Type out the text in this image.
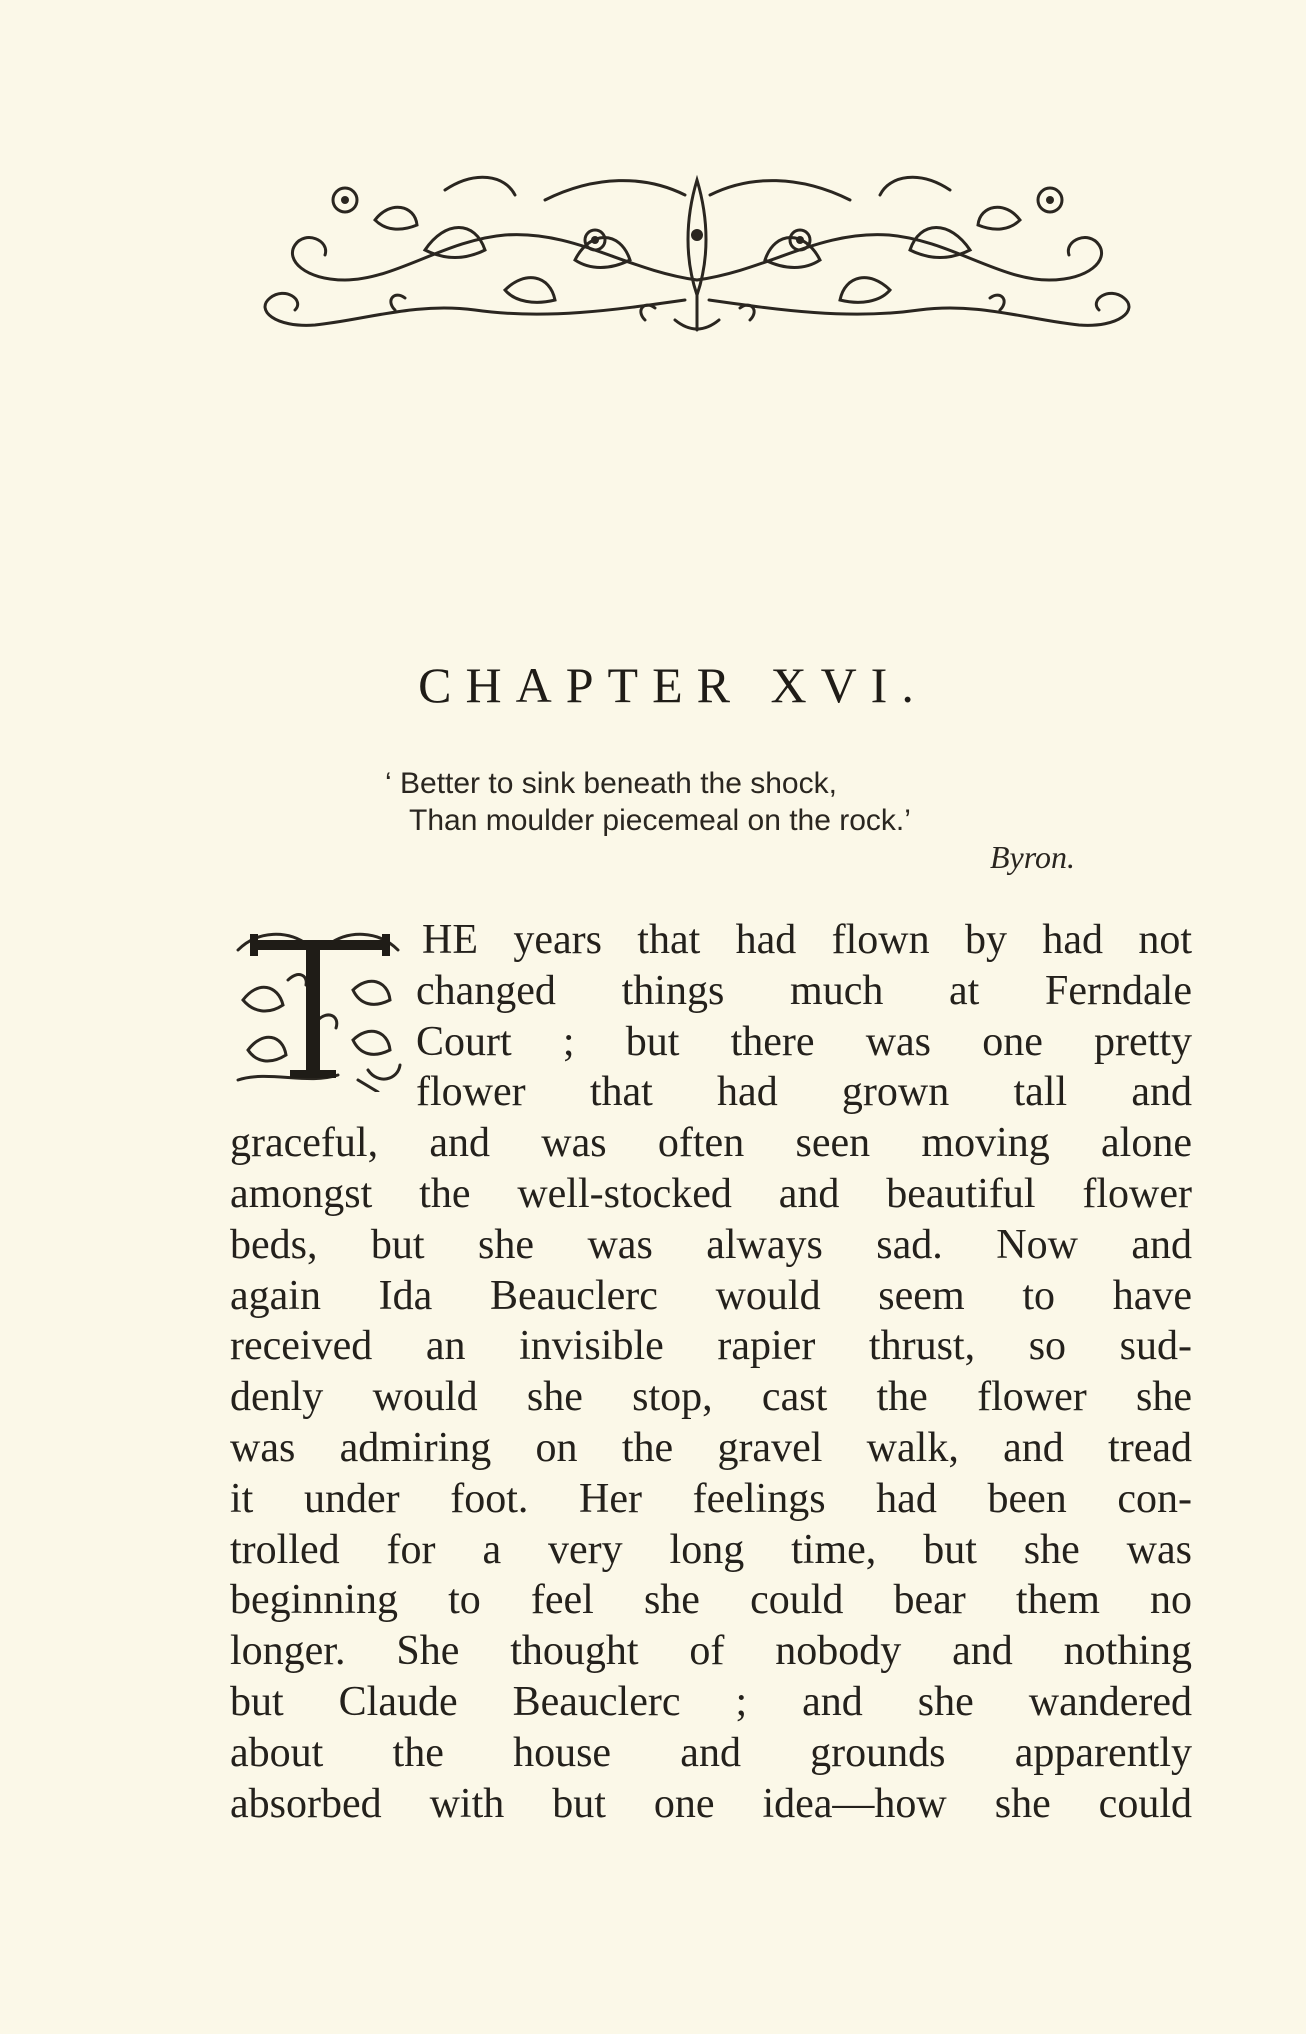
CHAPTER XVI.
‘ Better to sink beneath the shock,
Than moulder piecemeal on the rock.’
Byron.
T	HE years that had flown by had not
changed things much at Ferndale
Court ; but there was one pretty
flower that had grown tall and
graceful, and was often seen moving alone
amongst the well-stocked and beautiful flower
beds, but she was always sad. Now and
again Ida Beauclerc would seem to have
received an invisible rapier thrust, so sud-
denly would she stop, cast the flower she
was admiring on the gravel walk, and tread
it under foot. Her feelings had been con-
trolled for a very long time, but she was
beginning to feel she could bear them no
longer. She thought of nobody and nothing
but Claude Beauclerc ; and she wandered
about the house and grounds apparently
absorbed with but one idea—how she could
